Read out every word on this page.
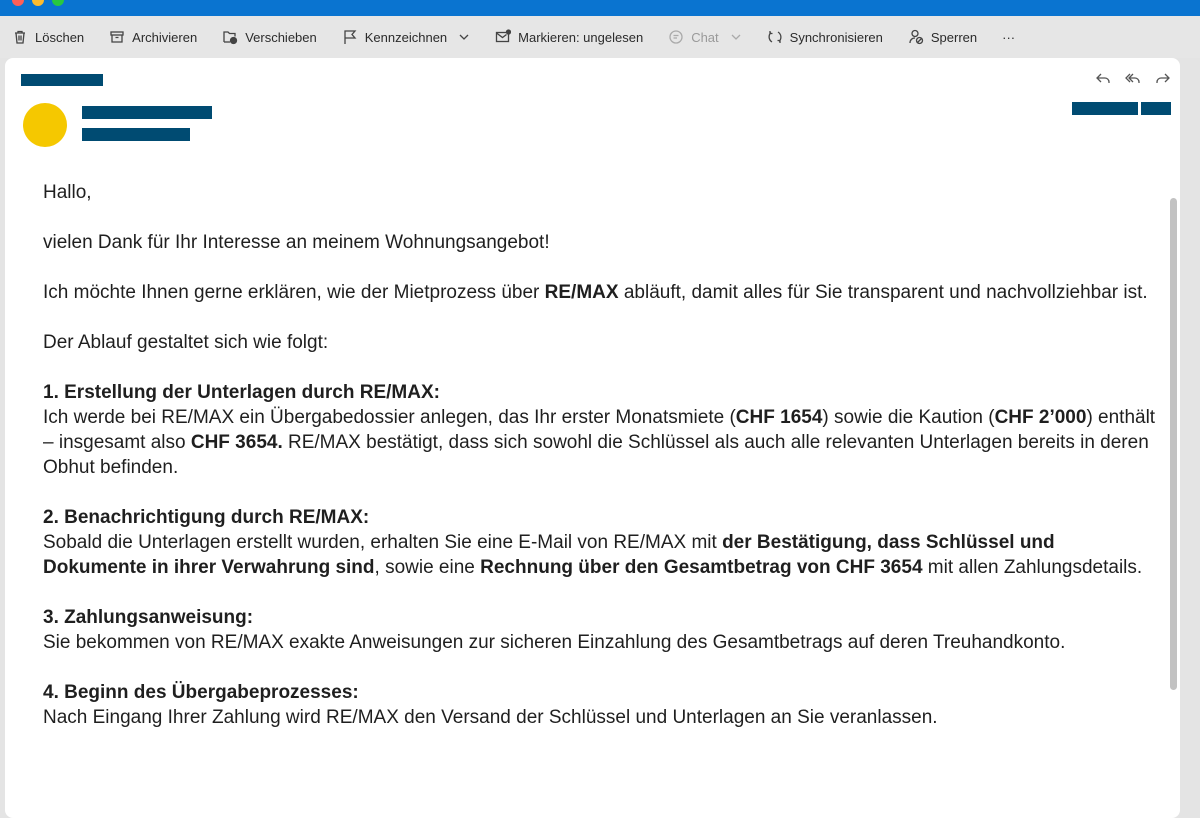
Löschen	Archivieren	Verschieben	Kennzeichnen	Markieren: ungelesen	Chat	Synchronisieren	Sperren ···

Hallo,

vielen Dank für Ihr Interesse an meinem Wohnungsangebot!

Ich möchte Ihnen gerne erklären, wie der Mietprozess über RE/MAX abläuft, damit alles für Sie transparent und nachvollziehbar ist.

Der Ablauf gestaltet sich wie folgt:

1. Erstellung der Unterlagen durch RE/MAX:
Ich werde bei RE/MAX ein Übergabedossier anlegen, das Ihr erster Monatsmiete (CHF 1654) sowie die Kaution (CHF 2’000) enthält – insgesamt also CHF 3654. RE/MAX bestätigt, dass sich sowohl die Schlüssel als auch alle relevanten Unterlagen bereits in deren Obhut befinden.

2. Benachrichtigung durch RE/MAX:
Sobald die Unterlagen erstellt wurden, erhalten Sie eine E-Mail von RE/MAX mit der Bestätigung, dass Schlüssel und Dokumente in ihrer Verwahrung sind, sowie eine Rechnung über den Gesamtbetrag von CHF 3654 mit allen Zahlungsdetails.

3. Zahlungsanweisung:
Sie bekommen von RE/MAX exakte Anweisungen zur sicheren Einzahlung des Gesamtbetrags auf deren Treuhandkonto.

4. Beginn des Übergabeprozesses:
Nach Eingang Ihrer Zahlung wird RE/MAX den Versand der Schlüssel und Unterlagen an Sie veranlassen.
